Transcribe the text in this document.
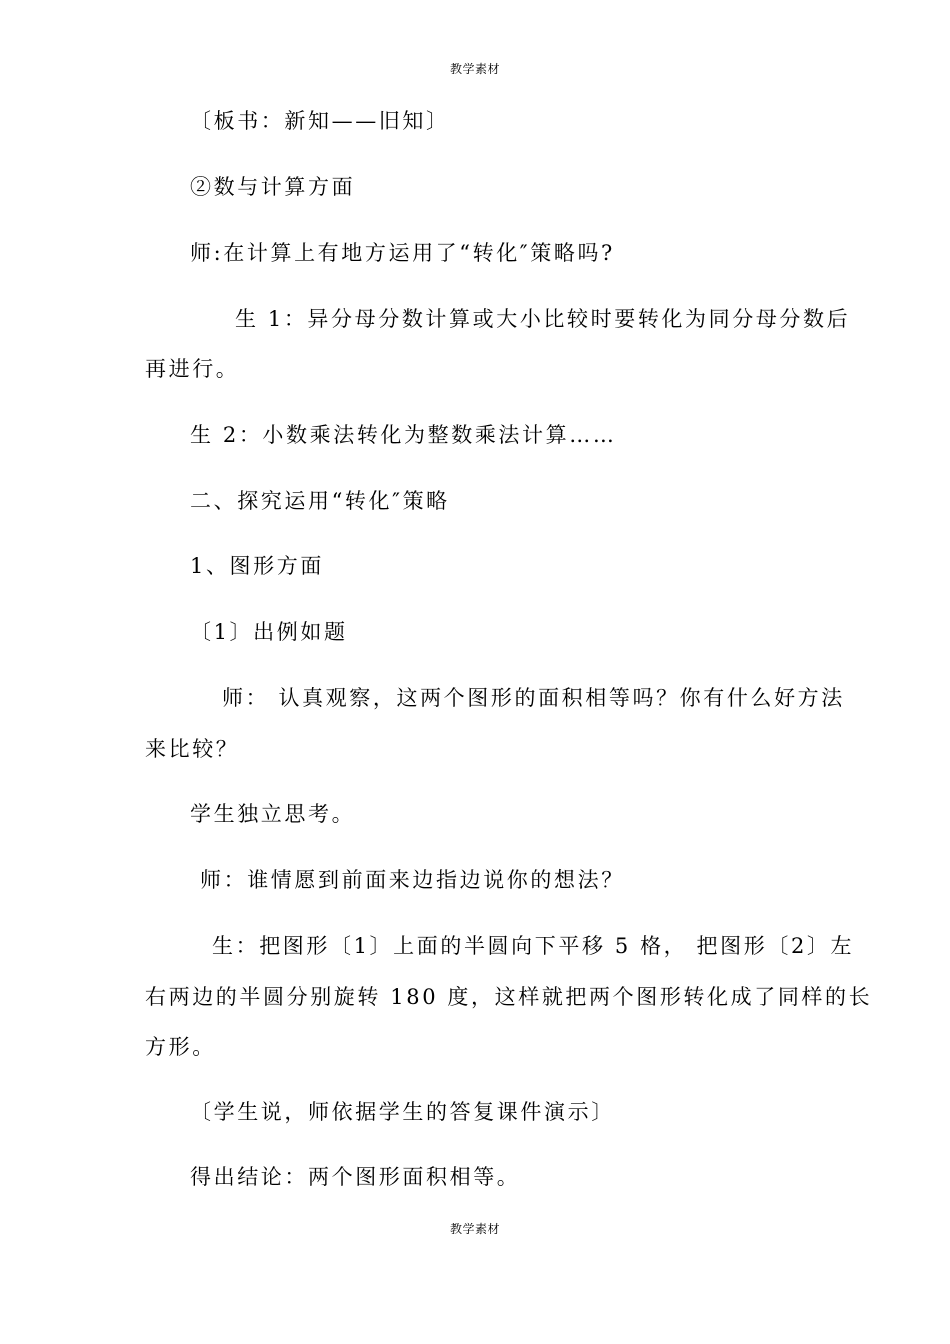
教学素材
〔板书：新知——旧知〕
②数与计算方面
师:在计算上有地方运用了“转化″策略吗?
生 1：异分母分数计算或大小比较时要转化为同分母分数后
再进行。
生 2：小数乘法转化为整数乘法计算……
二、探究运用“转化″策略
1、图形方面
〔1〕出例如题
师： 认真观察，这两个图形的面积相等吗？你有什么好方法
来比较？
学生独立思考。
师：谁情愿到前面来边指边说你的想法？
生：把图形〔1〕上面的半圆向下平移 5 格， 把图形〔2〕左
右两边的半圆分别旋转 180 度，这样就把两个图形转化成了同样的长
方形。
〔学生说，师依据学生的答复课件演示〕
得出结论：两个图形面积相等。
教学素材
